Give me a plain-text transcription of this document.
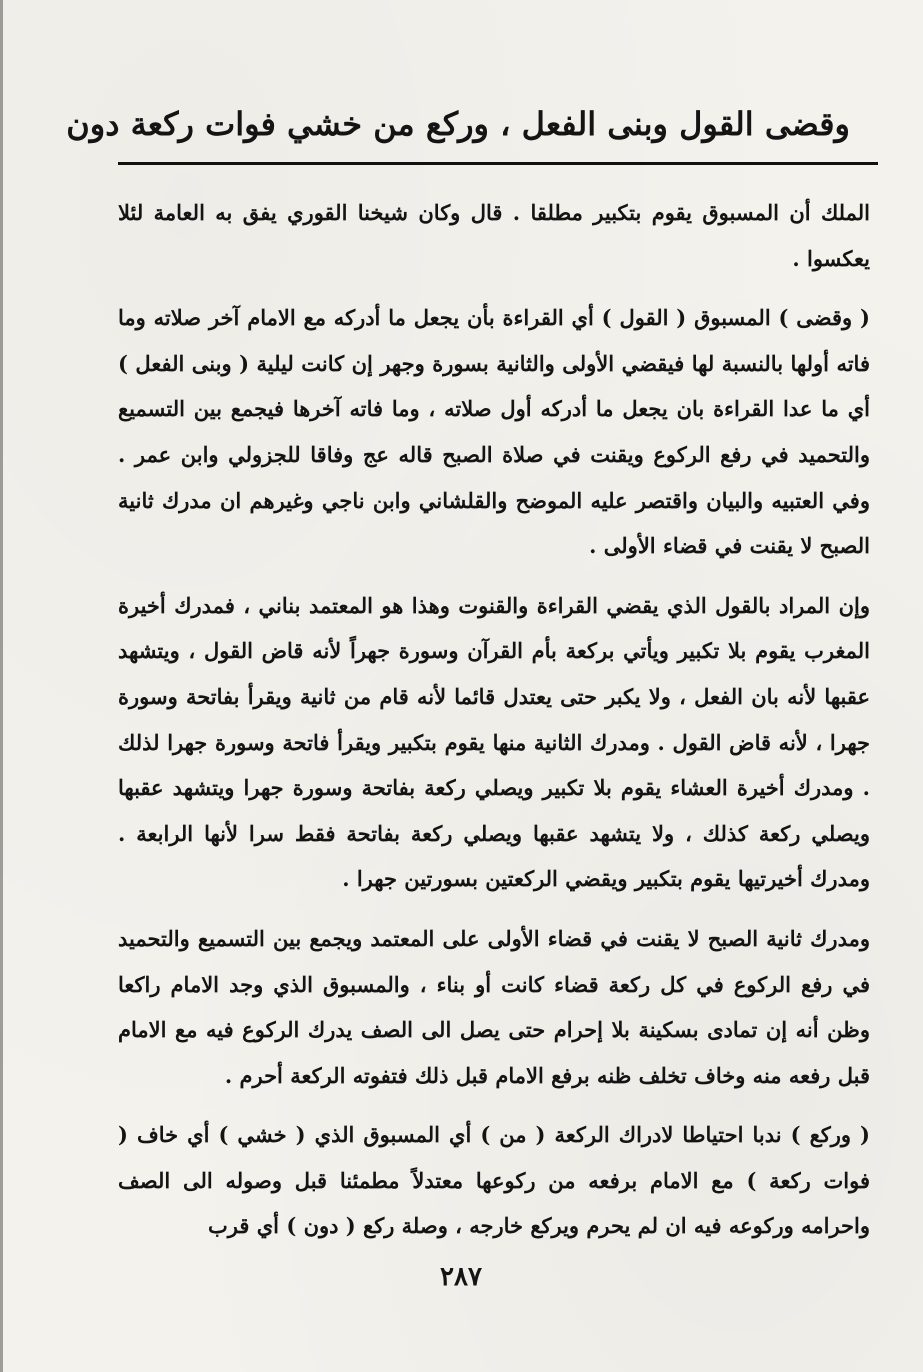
وقضى القول وبنى الفعل ، وركع من خشي فوات ركعة دون

الملك أن المسبوق يقوم بتكبير مطلقا . قال وكان شيخنا القوري يفق به العامة لئلا يعكسوا .

( وقضى ) المسبوق ( القول ) أي القراءة بأن يجعل ما أدركه مع الامام آخر صلاته وما فاته أولها بالنسبة لها فيقضي الأولى والثانية بسورة وجهر إن كانت ليلية ( وبنى الفعل ) أي ما عدا القراءة بان يجعل ما أدركه أول صلاته ، وما فاته آخرها فيجمع بين التسميع والتحميد في رفع الركوع ويقنت في صلاة الصبح قاله عج وفاقا للجزولي وابن عمر . وفي العتبيه والبيان واقتصر عليه الموضح والقلشاني وابن ناجي وغيرهم ان مدرك ثانية الصبح لا يقنت في قضاء الأولى .

وإن المراد بالقول الذي يقضي القراءة والقنوت وهذا هو المعتمد بناني ، فمدرك أخيرة المغرب يقوم بلا تكبير ويأتي بركعة بأم القرآن وسورة جهراً لأنه قاض القول ، ويتشهد عقبها لأنه بان الفعل ، ولا يكبر حتى يعتدل قائما لأنه قام من ثانية ويقرأ بفاتحة وسورة جهرا ، لأنه قاض القول . ومدرك الثانية منها يقوم بتكبير ويقرأ فاتحة وسورة جهرا لذلك . ومدرك أخيرة العشاء يقوم بلا تكبير ويصلي ركعة بفاتحة وسورة جهرا ويتشهد عقبها ويصلي ركعة كذلك ، ولا يتشهد عقبها ويصلي ركعة بفاتحة فقط سرا لأنها الرابعة . ومدرك أخيرتيها يقوم بتكبير ويقضي الركعتين بسورتين جهرا .

ومدرك ثانية الصبح لا يقنت في قضاء الأولى على المعتمد ويجمع بين التسميع والتحميد في رفع الركوع في كل ركعة قضاء كانت أو بناء ، والمسبوق الذي وجد الامام راكعا وظن أنه إن تمادى بسكينة بلا إحرام حتى يصل الى الصف يدرك الركوع فيه مع الامام قبل رفعه منه وخاف تخلف ظنه برفع الامام قبل ذلك فتفوته الركعة أحرم .

( وركع ) ندبا احتياطا لادراك الركعة ( من ) أي المسبوق الذي ( خشي ) أي خاف ( فوات ركعة ) مع الامام برفعه من ركوعها معتدلاً مطمئنا قبل وصوله الى الصف واحرامه وركوعه فيه ان لم يحرم ويركع خارجه ، وصلة ركع ( دون ) أي قرب

٢٨٧
